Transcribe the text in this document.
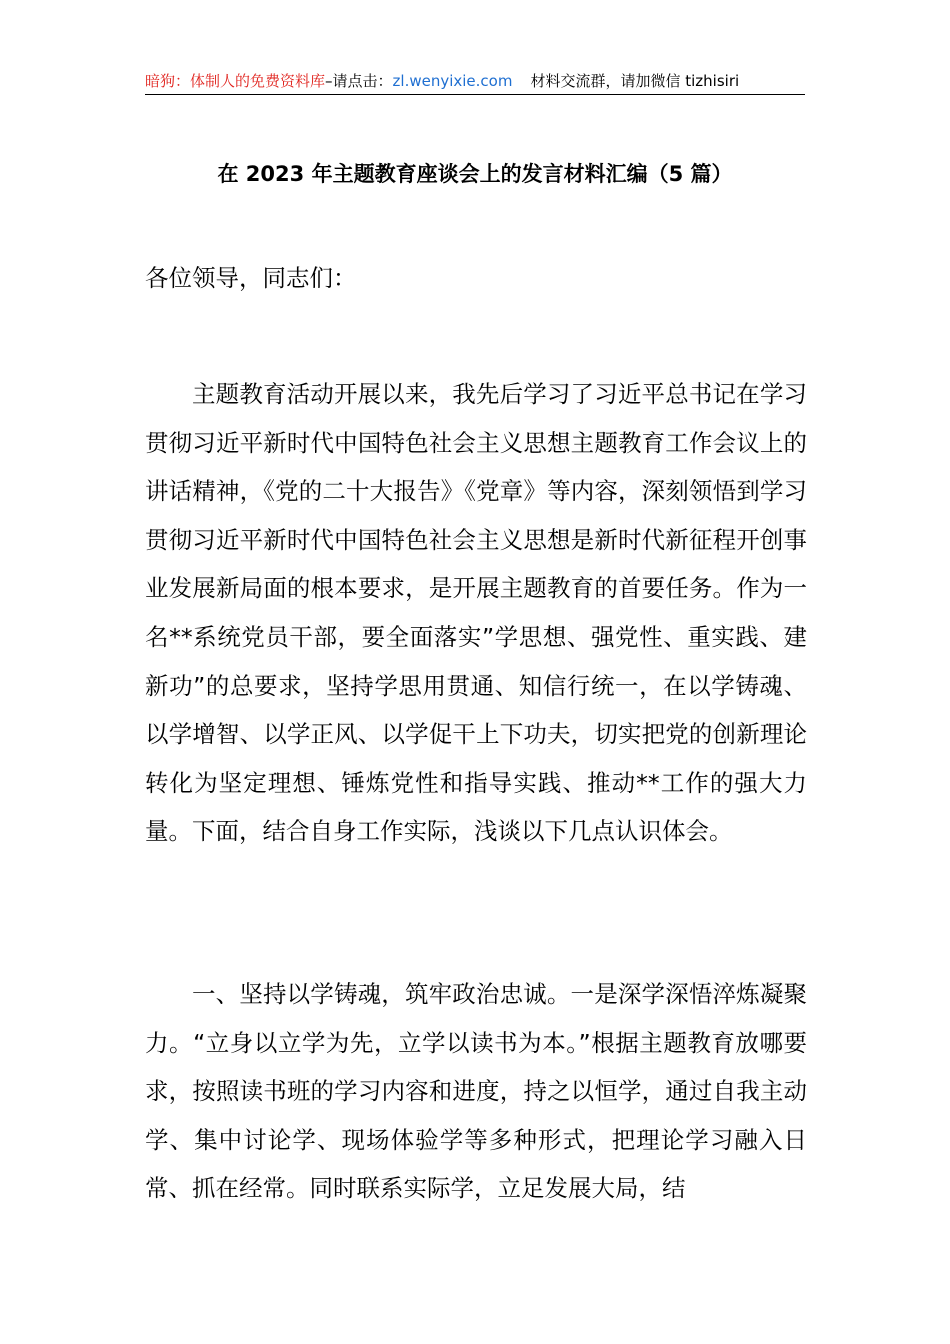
暗狗：体制人的免费资料库–请点击：zl.wenyixie.com 材料交流群，请加微信 tizhisiri
在 2023 年主题教育座谈会上的发言材料汇编（5 篇）

各位领导，同志们：

主题教育活动开展以来，我先后学习了习近平总书记在学习贯彻习近平新时代中国特色社会主义思想主题教育工作会议上的讲话精神，《党的二十大报告》《党章》等内容，深刻领悟到学习贯彻习近平新时代中国特色社会主义思想是新时代新征程开创事业发展新局面的根本要求，是开展主题教育的首要任务。作为一名**系统党员干部，要全面落实”学思想、强党性、重实践、建新功”的总要求，坚持学思用贯通、知信行统一，在以学铸魂、以学增智、以学正风、以学促干上下功夫，切实把党的创新理论转化为坚定理想、锤炼党性和指导实践、推动**工作的强大力量。下面，结合自身工作实际，浅谈以下几点认识体会。

一、坚持以学铸魂，筑牢政治忠诚。一是深学深悟淬炼凝聚力。“立身以立学为先，立学以读书为本。”根据主题教育放哪要求，按照读书班的学习内容和进度，持之以恒学，通过自我主动学、集中讨论学、现场体验学等多种形式，把理论学习融入日常、抓在经常。同时联系实际学，立足发展大局，结
